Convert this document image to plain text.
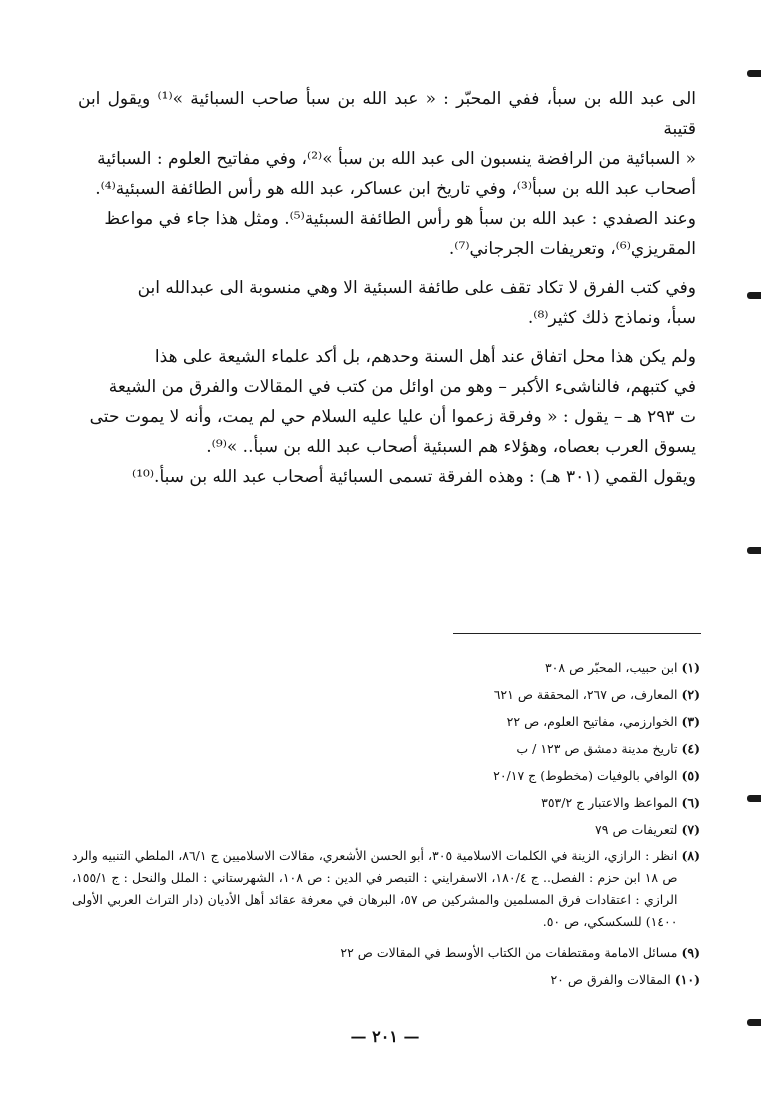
الى عبد الله بن سبأ، ففي المحبّر : « عبد الله بن سبأ صاحب السبائية »⁽¹⁾ ويقول ابن قتيبة

« السبائية من الرافضة ينسبون الى عبد الله بن سبأ »⁽²⁾، وفي مفاتيح العلوم : السبائية

أصحاب عبد الله بن سبأ⁽³⁾، وفي تاريخ ابن عساكر، عبد الله هو رأس الطائفة السبئية⁽⁴⁾.

وعند الصفدي : عبد الله بن سبأ هو رأس الطائفة السبئية⁽⁵⁾. ومثل هذا جاء في مواعظ

المقريزي⁽⁶⁾، وتعريفات الجرجاني⁽⁷⁾.

وفي كتب الفرق لا تكاد تقف على طائفة السبئية الا وهي منسوبة الى عبدالله ابن

سبأ، ونماذج ذلك كثير⁽⁸⁾.

ولم يكن هذا محل اتفاق عند أهل السنة وحدهم، بل أكد علماء الشيعة على هذا

في كتبهم، فالناشىء الأكبر – وهو من اوائل من كتب في المقالات والفرق من الشيعة

ت ٢٩٣ هـ – يقول : « وفرقة زعموا أن عليا عليه السلام حي لم يمت، وأنه لا يموت حتى

يسوق العرب بعصاه، وهؤلاء هم السبئية أصحاب عبد الله بن سبأ.. »⁽⁹⁾.

ويقول القمي (٣٠١ هـ) : وهذه الفرقة تسمى السبائية أصحاب عبد الله بن سبأ.⁽¹⁰⁾

(١)
ابن حبيب، المحبّر ص ٣٠٨
(٢)
المعارف، ص ٢٦٧، المحققة ص ٦٢١
(٣)
الخوارزمي، مفاتيح العلوم، ص ٢٢
(٤)
تاريخ مدينة دمشق ص ١٢٣ / ب
(٥)
الوافي بالوفيات (مخطوط) ج ٢٠/١٧
(٦)
المواعظ والاعتبار ج ٣٥٣/٢
(٧)
لتعريفات ص ٧٩
(٨)
انظر : الرازي، الزينة في الكلمات الاسلامية ٣٠٥، أبو الحسن الأشعري، مقالات الاسلاميين ج ٨٦/١، الملطي التنبيه والرد ص ١٨ ابن حزم : الفصل.. ج ١٨٠/٤، الاسفرايني : التبصر في الدين : ص ١٠٨، الشهرستاني : الملل والنحل : ج ١٥٥/١، الرازي : اعتقادات فرق المسلمين والمشركين ص ٥٧، البرهان في معرفة عقائد أهل الأديان (دار التراث العربي الأولى ١٤٠٠) للسكسكي، ص ٥٠.
(٩)
مسائل الامامة ومقتطفات من الكتاب الأوسط في المقالات ص ٢٢
(١٠)
المقالات والفرق ص ٢٠
— ٢٠١ —
